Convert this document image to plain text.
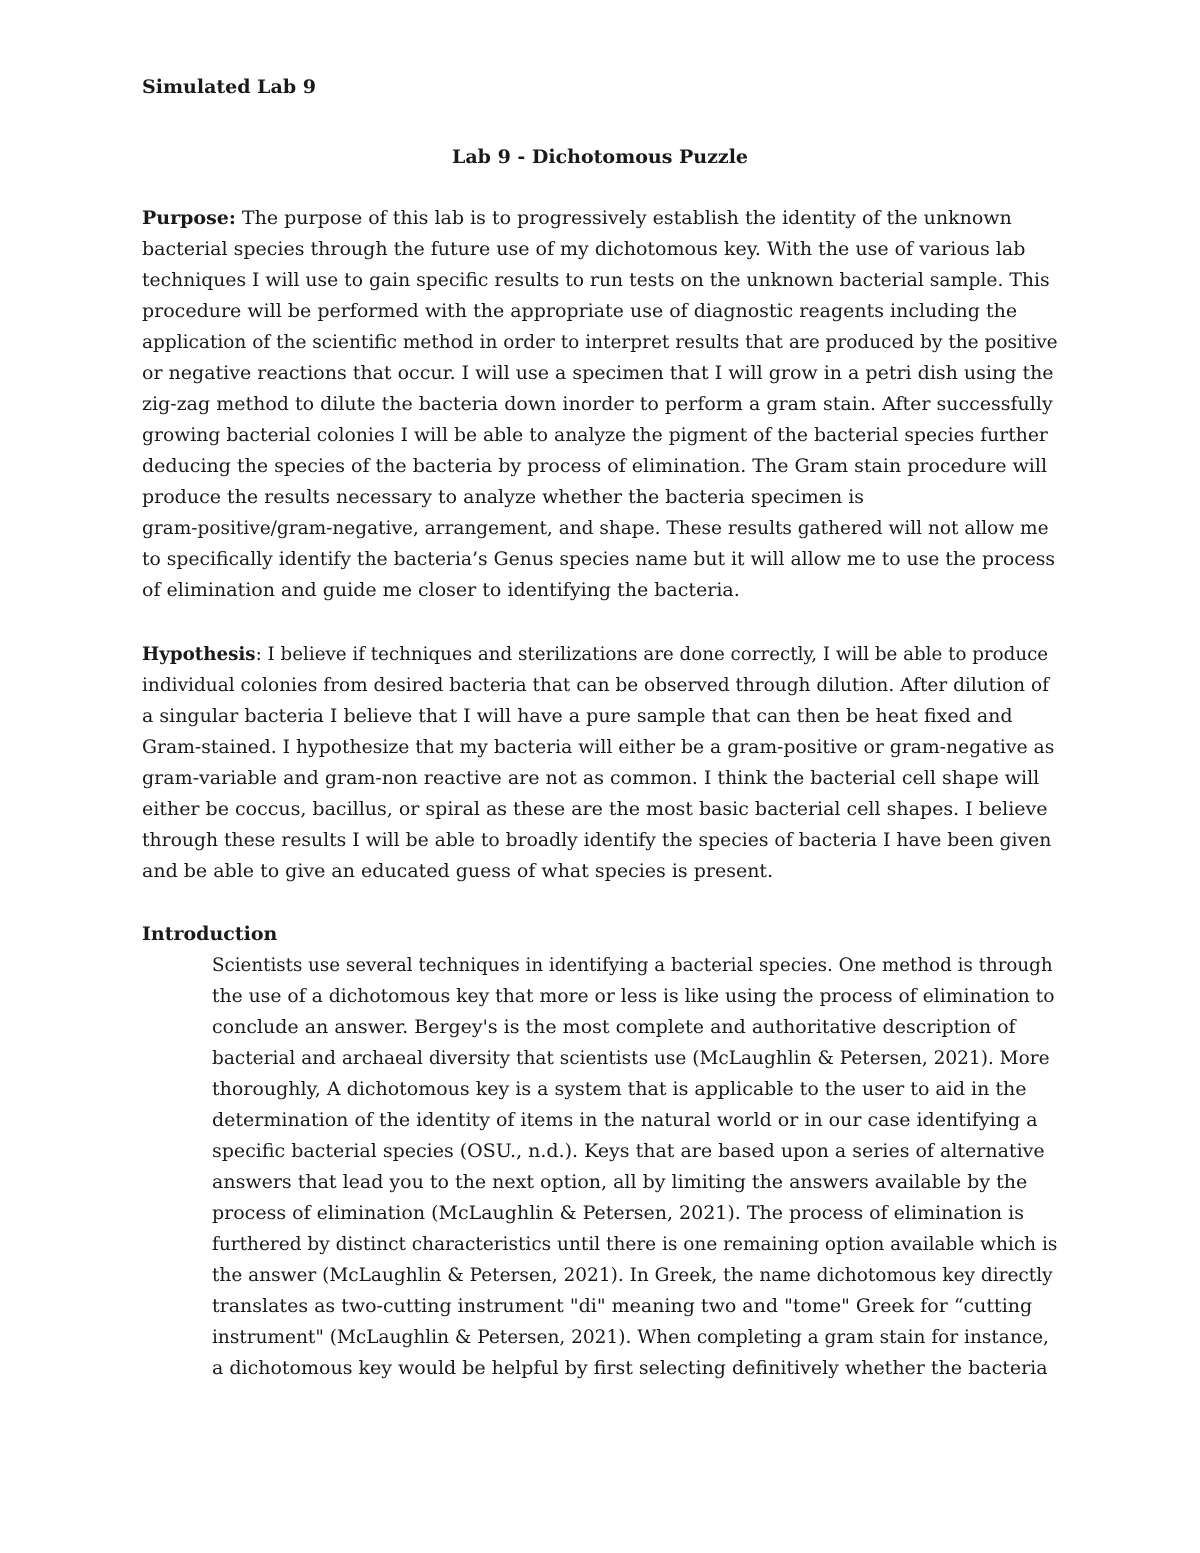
Simulated Lab 9

Lab 9 - Dichotomous Puzzle

Purpose: The purpose of this lab is to progressively establish the identity of the unknown
bacterial species through the future use of my dichotomous key. With the use of various lab
techniques I will use to gain specific results to run tests on the unknown bacterial sample. This
procedure will be performed with the appropriate use of diagnostic reagents including the
application of the scientific method in order to interpret results that are produced by the positive
or negative reactions that occur. I will use a specimen that I will grow in a petri dish using the
zig-zag method to dilute the bacteria down inorder to perform a gram stain. After successfully
growing bacterial colonies I will be able to analyze the pigment of the bacterial species further
deducing the species of the bacteria by process of elimination. The Gram stain procedure will
produce the results necessary to analyze whether the bacteria specimen is
gram-positive/gram-negative, arrangement, and shape. These results gathered will not allow me
to specifically identify the bacteria’s Genus species name but it will allow me to use the process
of elimination and guide me closer to identifying the bacteria.
Hypothesis: I believe if techniques and sterilizations are done correctly, I will be able to produce
individual colonies from desired bacteria that can be observed through dilution. After dilution of
a singular bacteria I believe that I will have a pure sample that can then be heat fixed and
Gram-stained. I hypothesize that my bacteria will either be a gram-positive or gram-negative as
gram-variable and gram-non reactive are not as common. I think the bacterial cell shape will
either be coccus, bacillus, or spiral as these are the most basic bacterial cell shapes. I believe
through these results I will be able to broadly identify the species of bacteria I have been given
and be able to give an educated guess of what species is present.

Introduction

Scientists use several techniques in identifying a bacterial species. One method is through
the use of a dichotomous key that more or less is like using the process of elimination to
conclude an answer. Bergey's is the most complete and authoritative description of
bacterial and archaeal diversity that scientists use (McLaughlin & Petersen, 2021). More
thoroughly, A dichotomous key is a system that is applicable to the user to aid in the
determination of the identity of items in the natural world or in our case identifying a
specific bacterial species (OSU., n.d.). Keys that are based upon a series of alternative
answers that lead you to the next option, all by limiting the answers available by the
process of elimination (McLaughlin & Petersen, 2021). The process of elimination is
furthered by distinct characteristics until there is one remaining option available which is
the answer (McLaughlin & Petersen, 2021). In Greek, the name dichotomous key directly
translates as two-cutting instrument "di" meaning two and "tome" Greek for “cutting
instrument" (McLaughlin & Petersen, 2021). When completing a gram stain for instance,
a dichotomous key would be helpful by first selecting definitively whether the bacteria
